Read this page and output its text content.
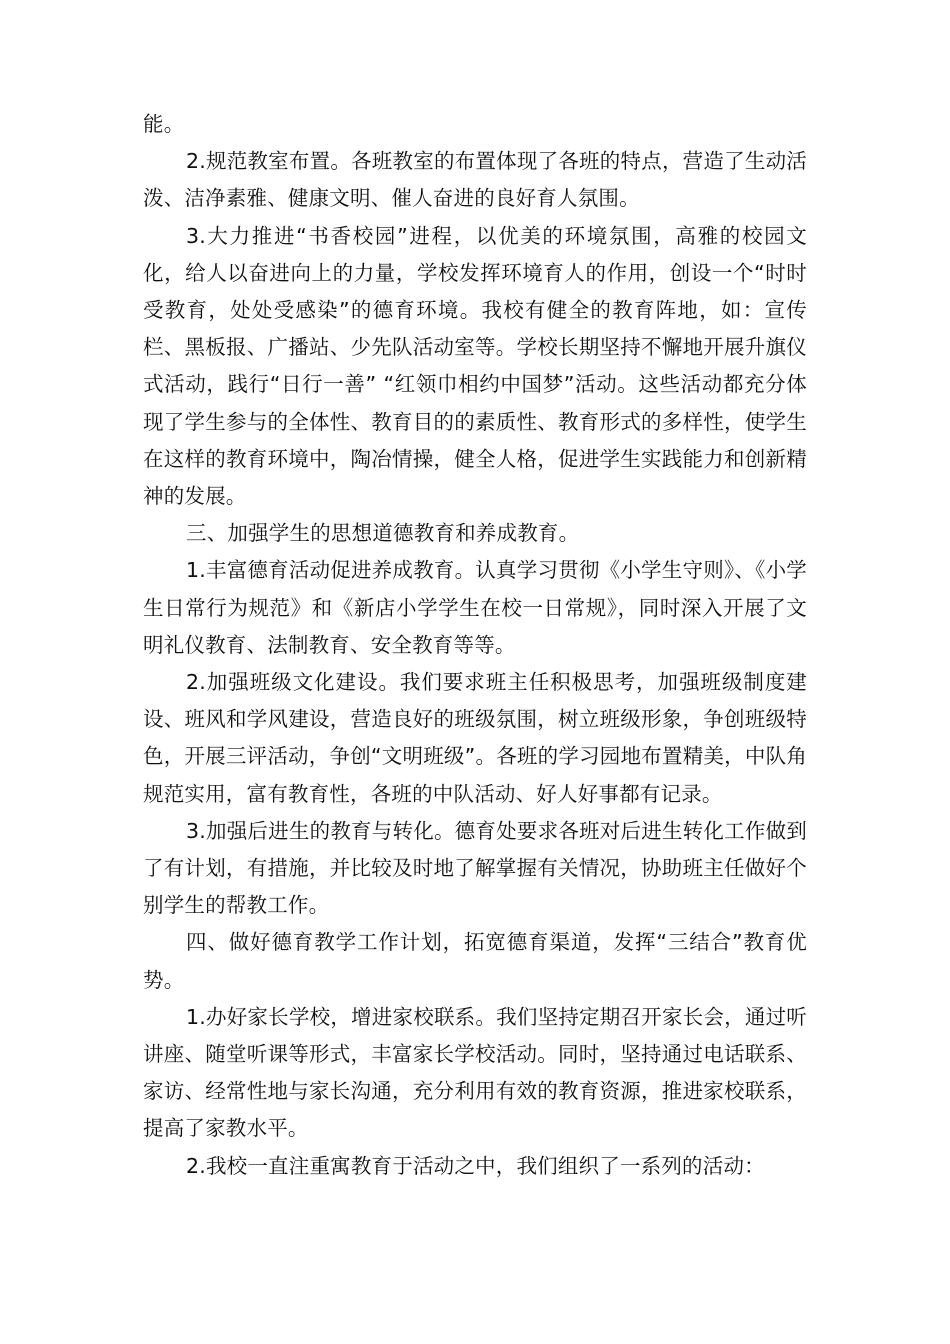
能。

2.规范教室布置。各班教室的布置体现了各班的特点，营造了生动活泼、洁净素雅、健康文明、催人奋进的良好育人氛围。

3.大力推进“书香校园”进程，以优美的环境氛围，高雅的校园文化，给人以奋进向上的力量，学校发挥环境育人的作用，创设一个“时时受教育，处处受感染”的德育环境。我校有健全的教育阵地，如：宣传栏、黑板报、广播站、少先队活动室等。学校长期坚持不懈地开展升旗仪式活动，践行“日行一善” “红领巾相约中国梦”活动。这些活动都充分体现了学生参与的全体性、教育目的的素质性、教育形式的多样性，使学生在这样的教育环境中，陶冶情操，健全人格，促进学生实践能力和创新精神的发展。

三、加强学生的思想道德教育和养成教育。

1.丰富德育活动促进养成教育。认真学习贯彻《小学生守则》、《小学生日常行为规范》和《新店小学学生在校一日常规》，同时深入开展了文明礼仪教育、法制教育、安全教育等等。

2.加强班级文化建设。我们要求班主任积极思考，加强班级制度建设、班风和学风建设，营造良好的班级氛围，树立班级形象，争创班级特色，开展三评活动，争创“文明班级”。各班的学习园地布置精美，中队角规范实用，富有教育性，各班的中队活动、好人好事都有记录。

3.加强后进生的教育与转化。德育处要求各班对后进生转化工作做到了有计划，有措施，并比较及时地了解掌握有关情况，协助班主任做好个别学生的帮教工作。

四、做好德育教学工作计划，拓宽德育渠道，发挥“三结合”教育优势。

1.办好家长学校，增进家校联系。我们坚持定期召开家长会，通过听讲座、随堂听课等形式，丰富家长学校活动。同时，坚持通过电话联系、家访、经常性地与家长沟通，充分利用有效的教育资源，推进家校联系，提高了家教水平。

2.我校一直注重寓教育于活动之中，我们组织了一系列的活动：
